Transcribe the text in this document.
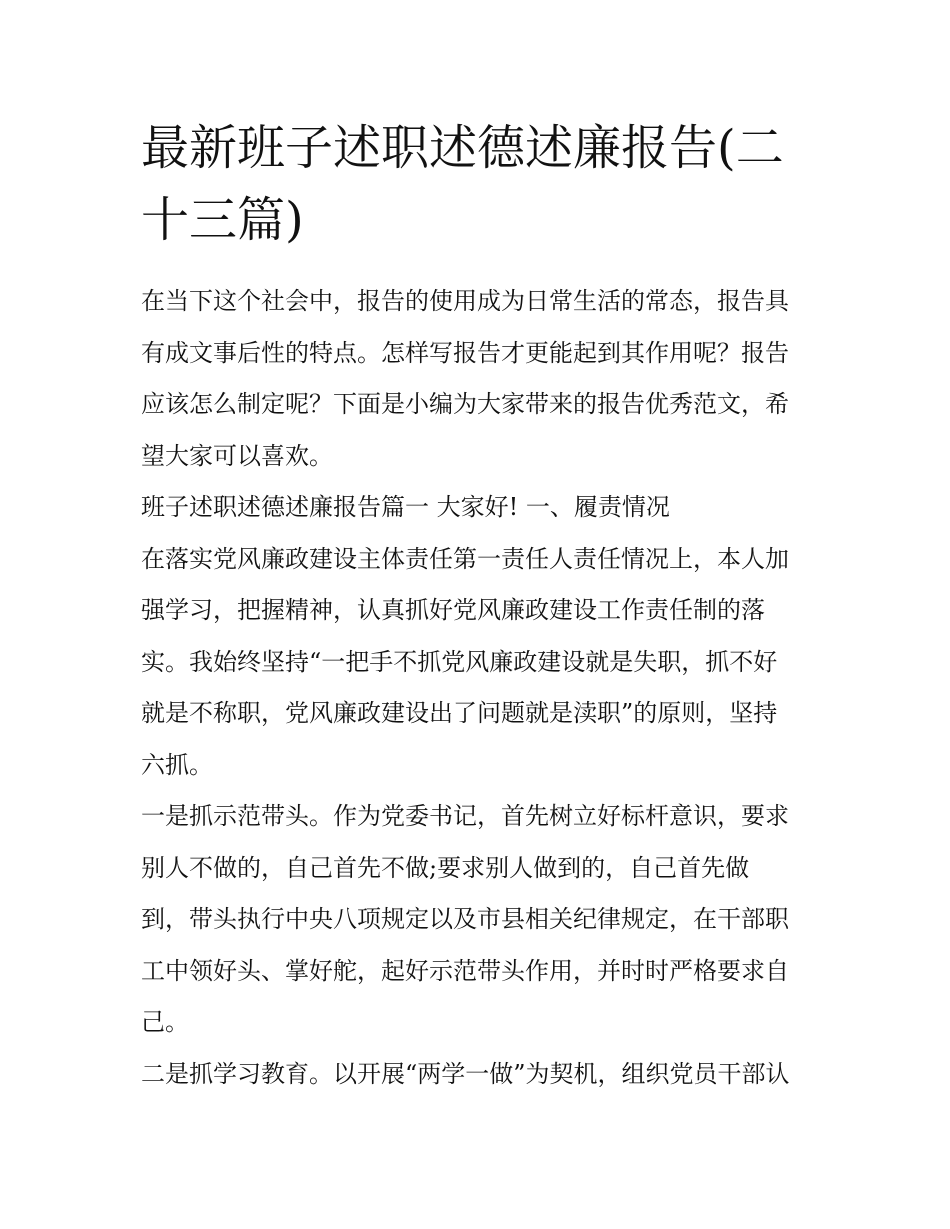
最新班子述职述德述廉报告(二
十三篇)

在当下这个社会中，报告的使用成为日常生活的常态，报告具
有成文事后性的特点。怎样写报告才更能起到其作用呢？报告
应该怎么制定呢？下面是小编为大家带来的报告优秀范文，希
望大家可以喜欢。

班子述职述德述廉报告篇一 大家好! 一、履责情况

在落实党风廉政建设主体责任第一责任人责任情况上，本人加
强学习，把握精神，认真抓好党风廉政建设工作责任制的落
实。我始终坚持“一把手不抓党风廉政建设就是失职，抓不好
就是不称职，党风廉政建设出了问题就是渎职”的原则，坚持
六抓。

一是抓示范带头。作为党委书记，首先树立好标杆意识，要求
别人不做的，自己首先不做;要求别人做到的，自己首先做
到，带头执行中央八项规定以及市县相关纪律规定，在干部职
工中领好头、掌好舵，起好示范带头作用，并时时严格要求自
己。

二是抓学习教育。以开展“两学一做”为契机，组织党员干部认
